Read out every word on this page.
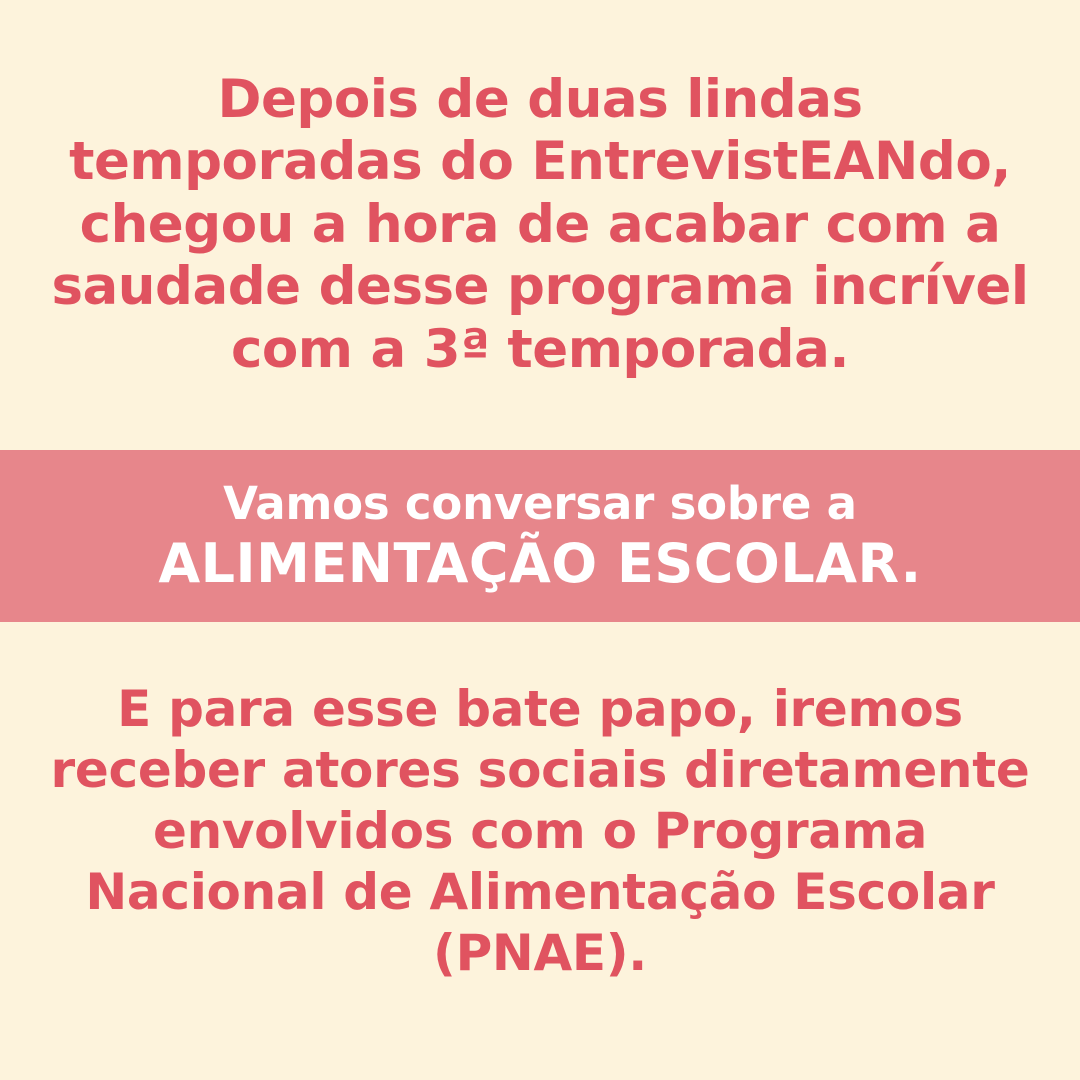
Depois de duas lindas temporadas do EntrevistEANdo, chegou a hora de acabar com a saudade desse programa incrível com a 3ª temporada.

Vamos conversar sobre a
ALIMENTAÇÃO ESCOLAR.

E para esse bate papo, iremos receber atores sociais diretamente envolvidos com o Programa Nacional de Alimentação Escolar (PNAE).
